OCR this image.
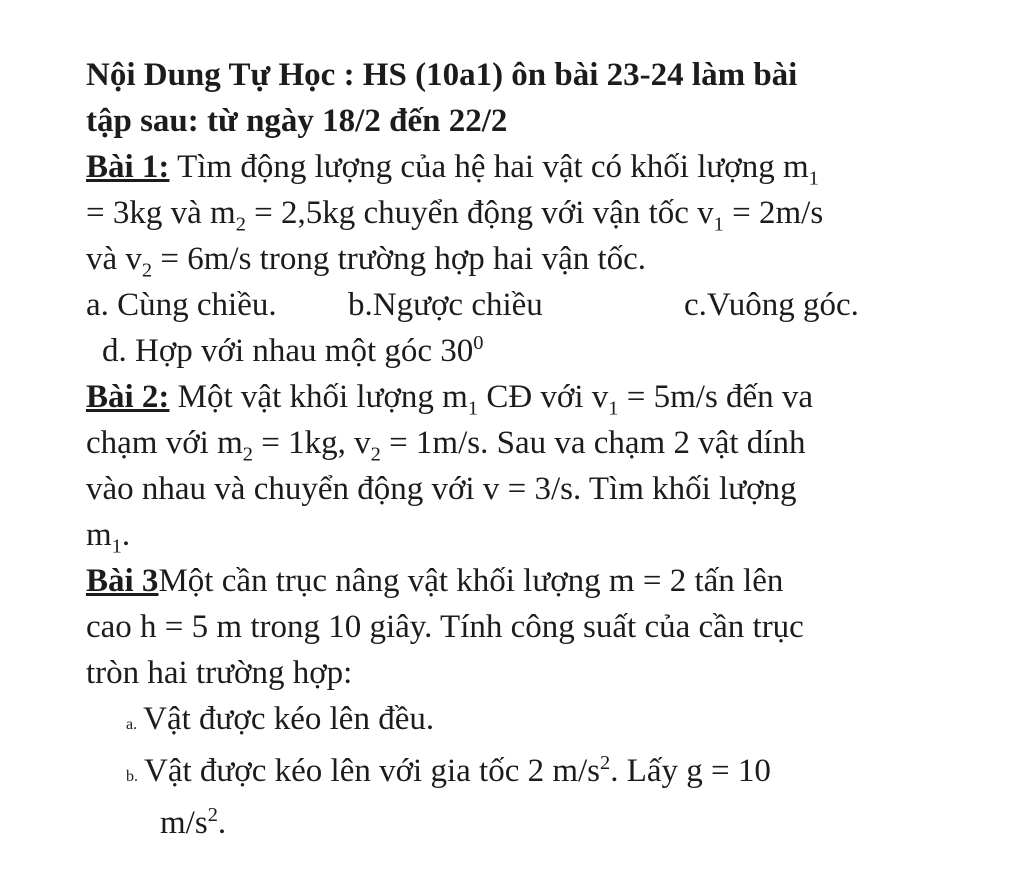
Nội Dung Tự Học : HS (10a1) ôn bài 23-24 làm bài
tập sau: từ ngày 18/2 đến 22/2
Bài 1: Tìm động lượng của hệ hai vật có khối lượng $m_1$
= 3kg và $m_2 = 2,5kg$ chuyển động với vận tốc $v_1 = 2m/s$
và $v_2 = 6m/s$ trong trường hợp hai vận tốc.
a. Cùng chiều.	b.Ngược chiều	c.Vuông góc.
d. Hợp với nhau một góc $30^0$
Bài 2: Một vật khối lượng $m_1$ CĐ với $v_1 = 5m/s$ đến va
chạm với $m_2 = 1kg$, $v_2 = 1m/s$. Sau va chạm 2 vật dính
vào nhau và chuyển động với v = 3/s. Tìm khối lượng
$m_1$.
Bài 3Một cần trục nâng vật khối lượng m = 2 tấn lên
cao h = 5 m trong 10 giây. Tính công suất của cần trục
tròn hai trường hợp:
a. Vật được kéo lên đều.
b. Vật được kéo lên với gia tốc 2 $m/s^2$. Lấy g = 10
$m/s^2$.
